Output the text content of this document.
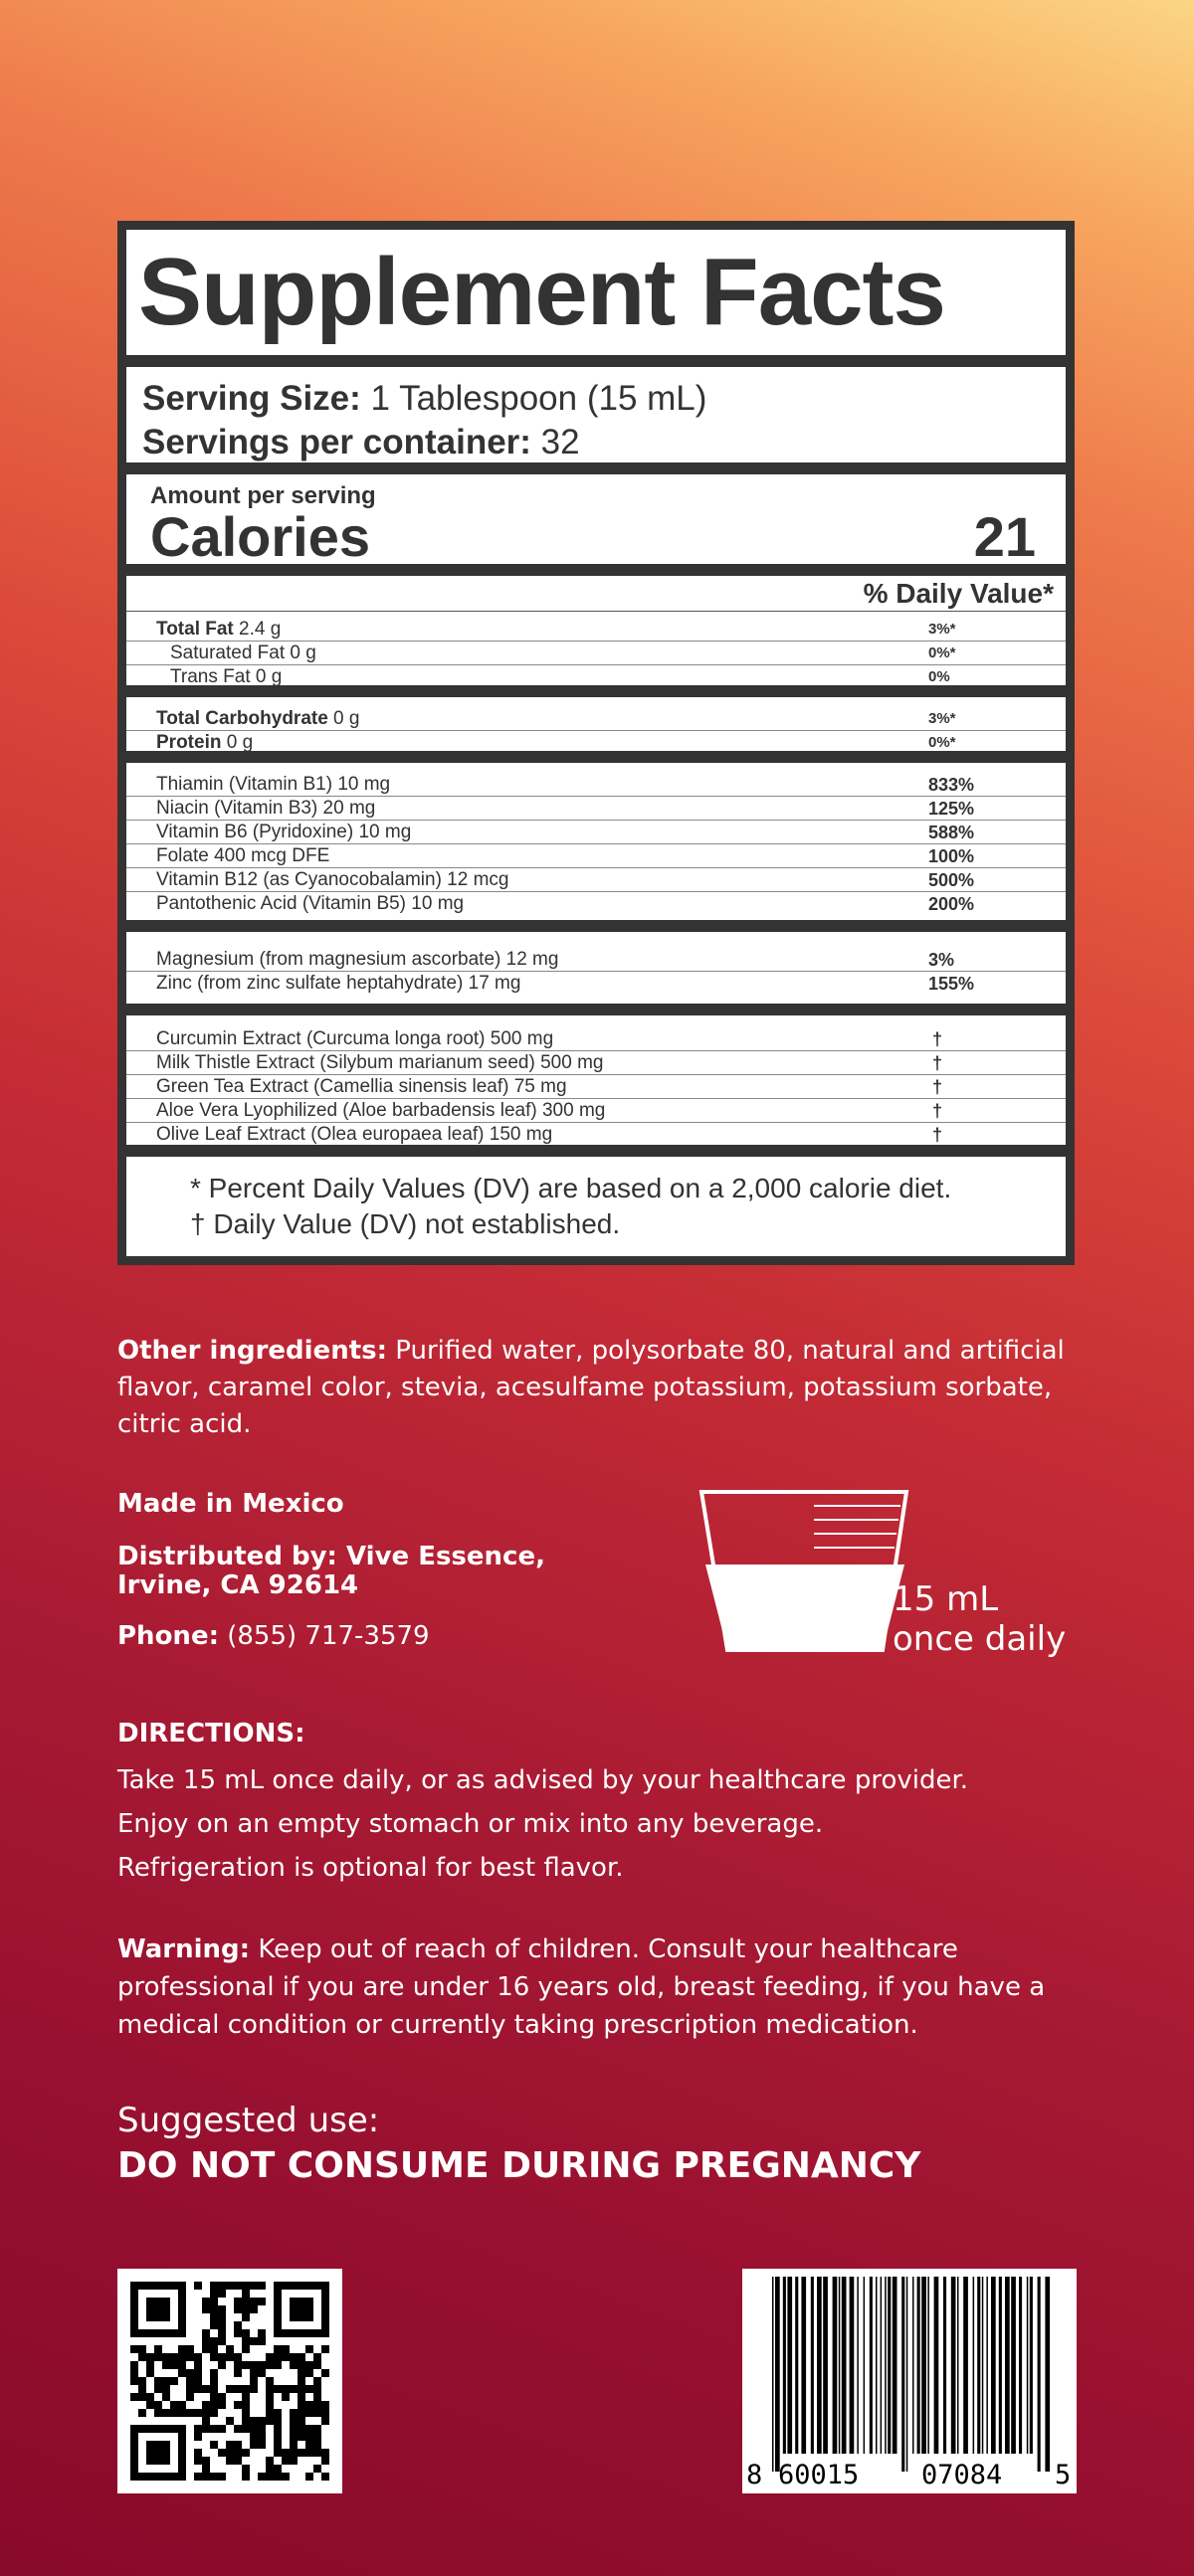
Supplement Facts
Serving Size: 1 Tablespoon (15 mL)
Servings per container: 32
Amount per serving
Calories	21
% Daily Value*
Total Fat 2.4 g	3%*
Saturated Fat 0 g	0%*
Trans Fat 0 g	0%
Total Carbohydrate 0 g	3%*
Protein 0 g	0%*
Thiamin (Vitamin B1) 10 mg	833%
Niacin (Vitamin B3) 20 mg	125%
Vitamin B6 (Pyridoxine) 10 mg	588%
Folate 400 mcg DFE	100%
Vitamin B12 (as Cyanocobalamin) 12 mcg	500%
Pantothenic Acid (Vitamin B5) 10 mg	200%
Magnesium (from magnesium ascorbate) 12 mg	3%
Zinc (from zinc sulfate heptahydrate) 17 mg	155%
Curcumin Extract (Curcuma longa root) 500 mg	†
Milk Thistle Extract (Silybum marianum seed) 500 mg	†
Green Tea Extract (Camellia sinensis leaf) 75 mg	†
Aloe Vera Lyophilized (Aloe barbadensis leaf) 300 mg	†
Olive Leaf Extract (Olea europaea leaf) 150 mg	†
* Percent Daily Values (DV) are based on a 2,000 calorie diet.
† Daily Value (DV) not established.
Other ingredients: Purified water, polysorbate 80, natural and artificial flavor, caramel color, stevia, acesulfame potassium, potassium sorbate, citric acid.
Made in Mexico
Distributed by: Vive Essence,
Irvine, CA 92614
Phone: (855) 717-3579
15 mL
once daily
DIRECTIONS:
Take 15 mL once daily, or as advised by your healthcare provider.
Enjoy on an empty stomach or mix into any beverage.
Refrigeration is optional for best flavor.
Warning: Keep out of reach of children. Consult your healthcare professional if you are under 16 years old, breast feeding, if you have a medical condition or currently taking prescription medication.
Suggested use:
DO NOT CONSUME DURING PREGNANCY
8 60015 07084 5
